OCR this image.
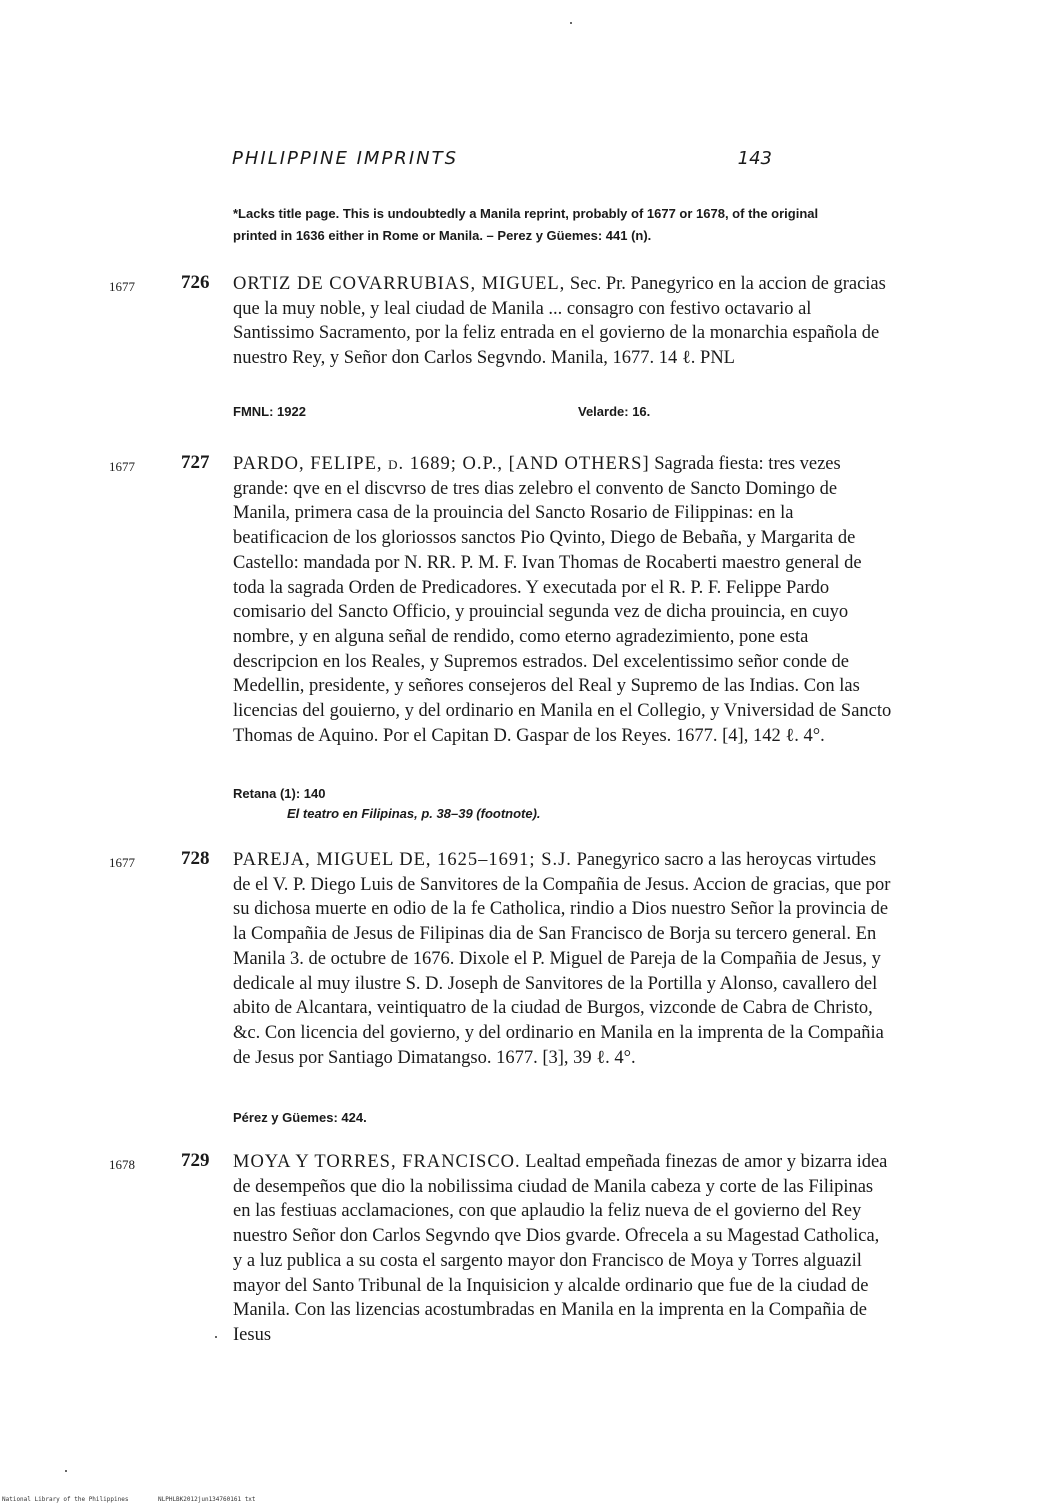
PHILIPPINE IMPRINTS	143
*Lacks title page. This is undoubtedly a Manila reprint, probably of 1677 or 1678, of the original printed in 1636 either in Rome or Manila. – Perez y Güemes: 441 (n).
1677 726 ORTIZ DE COVARRUBIAS, MIGUEL, Sec. Pr. Panegyrico en la accion de gracias que la muy noble, y leal ciudad de Manila ... consagro con festivo octavario al Santissimo Sacramento, por la feliz entrada en el govierno de la monarchia española de nuestro Rey, y Señor don Carlos Segvndo. Manila, 1677. 14 ℓ. PNL
FMNL: 1922	Velarde: 16.
1677 727 PARDO, FELIPE, d. 1689; O.P., [AND OTHERS] Sagrada fiesta: tres vezes grande: qve en el discvrso de tres dias zelebro el convento de Sancto Domingo de Manila, primera casa de la prouincia del Sancto Rosario de Filippinas: en la beatificacion de los gloriossos sanctos Pio Qvinto, Diego de Bebaña, y Margarita de Castello: mandada por N. RR. P. M. F. Ivan Thomas de Rocaberti maestro general de toda la sagrada Orden de Predicadores. Y executada por el R. P. F. Felippe Pardo comisario del Sancto Officio, y prouincial segunda vez de dicha prouincia, en cuyo nombre, y en alguna señal de rendido, como eterno agradezimiento, pone esta descripcion en los Reales, y Supremos estrados. Del excelentissimo señor conde de Medellin, presidente, y señores consejeros del Real y Supremo de las Indias. Con las licencias del gouierno, y del ordinario en Manila en el Collegio, y Vniversidad de Sancto Thomas de Aquino. Por el Capitan D. Gaspar de los Reyes. 1677. [4], 142 ℓ. 4°.
Retana (1): 140
El teatro en Filipinas, p. 38–39 (footnote).
1677 728 PAREJA, MIGUEL DE, 1625–1691; S.J. Panegyrico sacro a las heroycas virtudes de el V. P. Diego Luis de Sanvitores de la Compañia de Jesus. Accion de gracias, que por su dichosa muerte en odio de la fe Catholica, rindio a Dios nuestro Señor la provincia de la Compañia de Jesus de Filipinas dia de San Francisco de Borja su tercero general. En Manila 3. de octubre de 1676. Dixole el P. Miguel de Pareja de la Compañia de Jesus, y dedicale al muy ilustre S. D. Joseph de Sanvitores de la Portilla y Alonso, cavallero del abito de Alcantara, veintiquatro de la ciudad de Burgos, vizconde de Cabra de Christo, &c. Con licencia del govierno, y del ordinario en Manila en la imprenta de la Compañia de Jesus por Santiago Dimatangso. 1677. [3], 39 ℓ. 4°.
Pérez y Güemes: 424.
1678 729 MOYA Y TORRES, FRANCISCO. Lealtad empeñada finezas de amor y bizarra idea de desempeños que dio la nobilissima ciudad de Manila cabeza y corte de las Filipinas en las festiuas acclamaciones, con que aplaudio la feliz nueva de el govierno del Rey nuestro Señor don Carlos Segvndo qve Dios gvarde. Ofrecela a su Magestad Catholica, y a luz publica a su costa el sargento mayor don Francisco de Moya y Torres alguazil mayor del Santo Tribunal de la Inquisicion y alcalde ordinario que fue de la ciudad de Manila. Con las lizencias acostumbradas en Manila en la imprenta en la Compañia de Iesus
National Library of the Philippines	NLPHLBK2012jun134760161 txt
